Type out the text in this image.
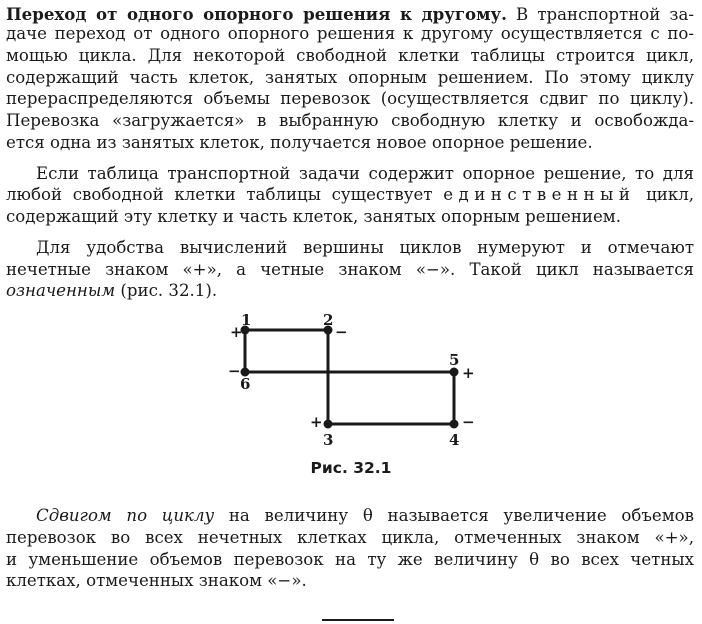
Переход от одного опорного решения к другому. В транспортной за-
даче переход от одного опорного решения к другому осуществляется с по-
мощью цикла. Для некоторой свободной клетки таблицы строится цикл,
содержащий часть клеток, занятых опорным решением. По этому циклу
перераспределяются объемы перевозок (осуществляется сдвиг по циклу).
Перевозка «загружается» в выбранную свободную клетку и освобожда-
ется одна из занятых клеток, получается новое опорное решение.
Если таблица транспортной задачи содержит опорное решение, то для
любой свободной клетки таблицы существует единственный цикл,
содержащий эту клетку и часть клеток, занятых опорным решением.
Для удобства вычислений вершины циклов нумеруют и отмечают
нечетные знаком «+», а четные знаком «−». Такой цикл называется
означенным (рис. 32.1).
1
+
2
−
3
+
4
−
5
+
6
−
Рис. 32.1
Сдвигом по циклу на величину θ называется увеличение объемов
перевозок во всех нечетных клетках цикла, отмеченных знаком «+»,
и уменьшение объемов перевозок на ту же величину θ во всех четных
клетках, отмеченных знаком «−».
